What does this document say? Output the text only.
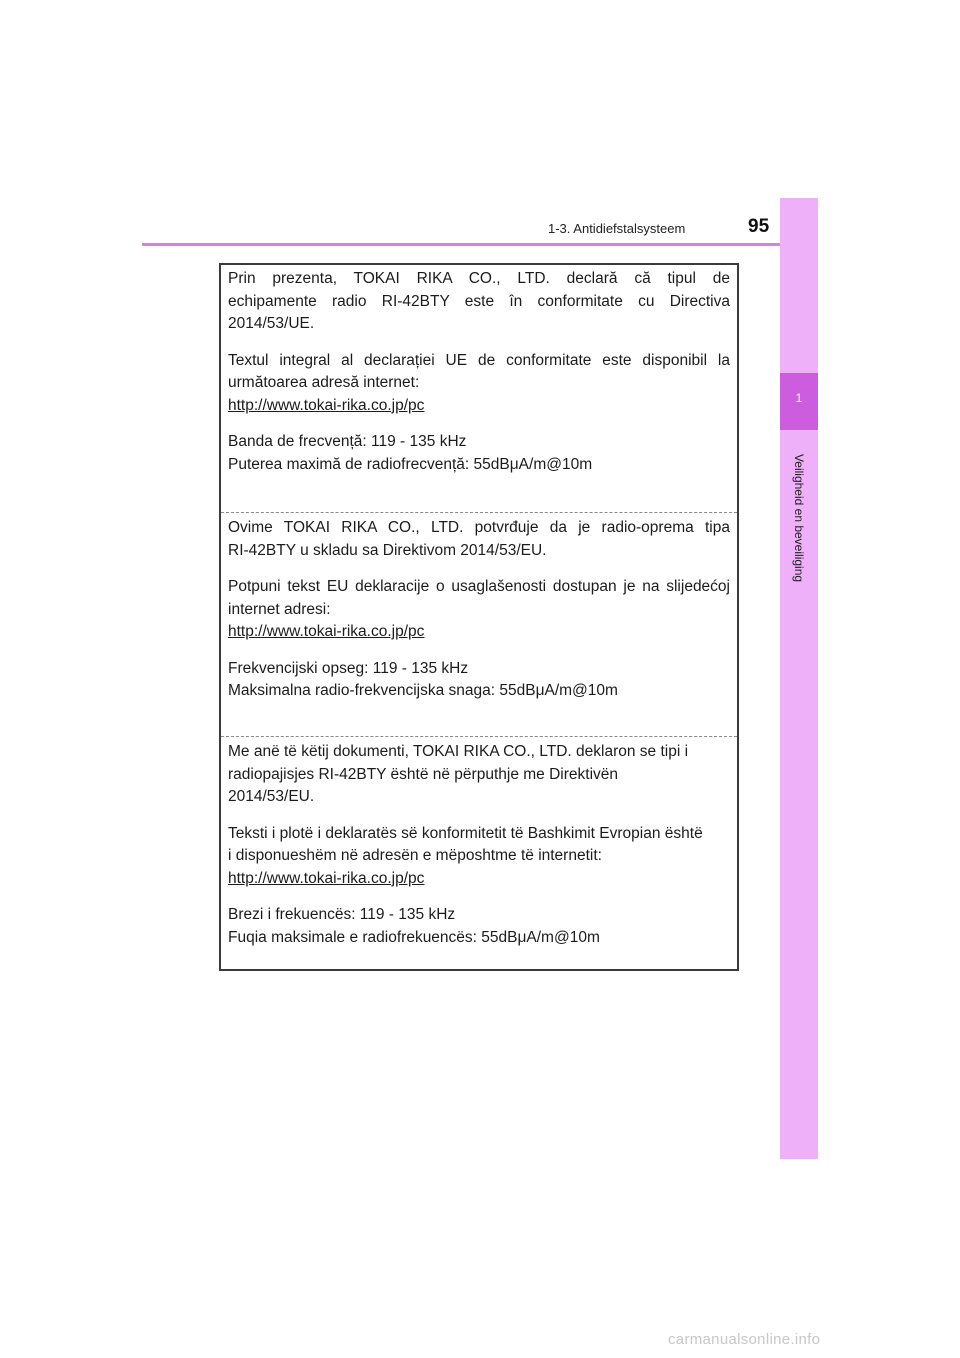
1-3. Antidiefstalsysteem	95
1
Veiligheid en beveiliging

Prin prezenta, TOKAI RIKA CO., LTD. declară că tipul de

echipamente radio RI-42BTY este în conformitate cu Directiva

2014/53/UE.

Textul integral al declarației UE de conformitate este disponibil la

următoarea adresă internet:

http://www.tokai-rika.co.jp/pc

Banda de frecvență: 119 - 135 kHz

Puterea maximă de radiofrecvență: 55dBμA/m@10m

Ovime TOKAI RIKA CO., LTD. potvrđuje da je radio-oprema tipa

RI-42BTY u skladu sa Direktivom 2014/53/EU.

Potpuni tekst EU deklaracije o usaglašenosti dostupan je na slijedećoj

internet adresi:

http://www.tokai-rika.co.jp/pc

Frekvencijski opseg: 119 - 135 kHz

Maksimalna radio-frekvencijska snaga: 55dBμA/m@10m

Me anë të këtij dokumenti, TOKAI RIKA CO., LTD. deklaron se tipi i

radiopajisjes RI-42BTY është në përputhje me Direktivën

2014/53/EU.

Teksti i plotë i deklaratës së konformitetit të Bashkimit Evropian është

i disponueshëm në adresën e mëposhtme të internetit:

http://www.tokai-rika.co.jp/pc

Brezi i frekuencës: 119 - 135 kHz

Fuqia maksimale e radiofrekuencës: 55dBμA/m@10m

carmanualsonline.info
